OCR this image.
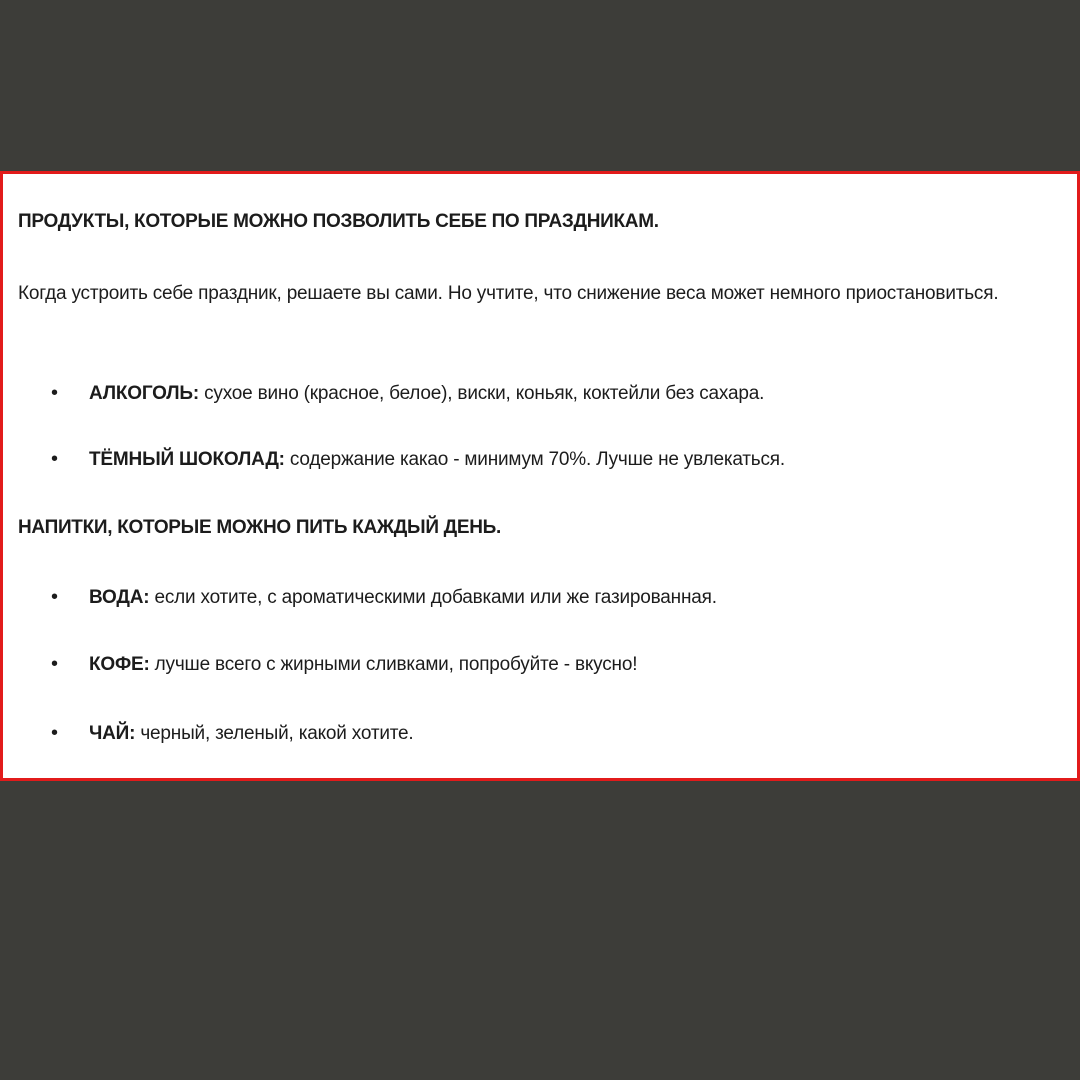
ПРОДУКТЫ, КОТОРЫЕ МОЖНО ПОЗВОЛИТЬ СЕБЕ ПО ПРАЗДНИКАМ.

Когда устроить себе праздник, решаете вы сами. Но учтите, что снижение веса может немного приостановиться.

• АЛКОГОЛЬ: сухое вино (красное, белое), виски, коньяк, коктейли без сахара.

• ТЁМНЫЙ ШОКОЛАД: содержание какао - минимум 70%. Лучше не увлекаться.

НАПИТКИ, КОТОРЫЕ МОЖНО ПИТЬ КАЖДЫЙ ДЕНЬ.

• ВОДА: если хотите, с ароматическими добавками или же газированная.

• КОФЕ: лучше всего с жирными сливками, попробуйте - вкусно!

• ЧАЙ: черный, зеленый, какой хотите.
